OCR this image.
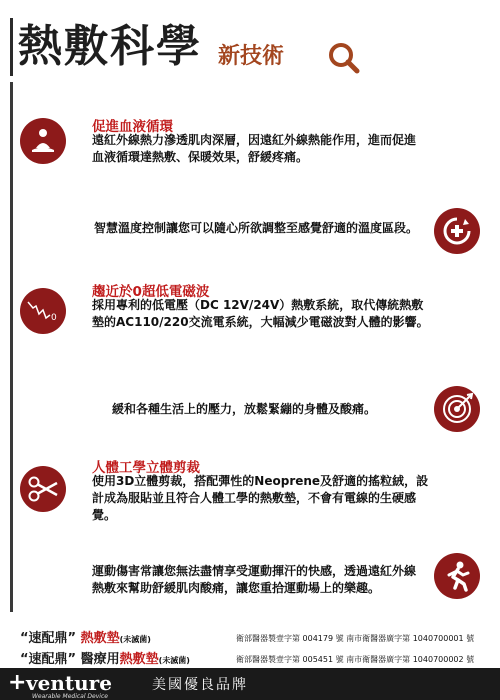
熱敷科學 新技術
促進血液循環
遠紅外線熱力滲透肌肉深層，因遠紅外線熱能作用，進而促進血液循環達熱敷、保暖效果，舒緩疼痛。
智慧溫度控制讓您可以隨心所欲調整至感覺舒適的溫度區段。
0
趨近於0超低電磁波
採用專利的低電壓（DC 12V/24V）熱敷系統，取代傳統熱敷墊的AC110/220交流電系統，大幅減少電磁波對人體的影響。
緩和各種生活上的壓力，放鬆緊繃的身體及酸痛。
人體工學立體剪裁
使用3D立體剪裁，搭配彈性的Neoprene及舒適的搖粒絨，設計成為服貼並且符合人體工學的熱敷墊，不會有電線的生硬感覺。
運動傷害常讓您無法盡情享受運動揮汗的快感，透過遠紅外線熱敷來幫助舒緩肌肉酸痛，讓您重拾運動場上的樂趣。
“速配鼎” 熱敷墊(未滅菌)	衛部醫器製壹字第 004179 號 南市衛醫器廣字第 1040700001 號
“速配鼎” 醫療用熱敷墊(未滅菌)	衛部醫器製壹字第 005451 號 南市衛醫器廣字第 1040700002 號
+ venture
Wearable Medical Device
美國優良品牌
